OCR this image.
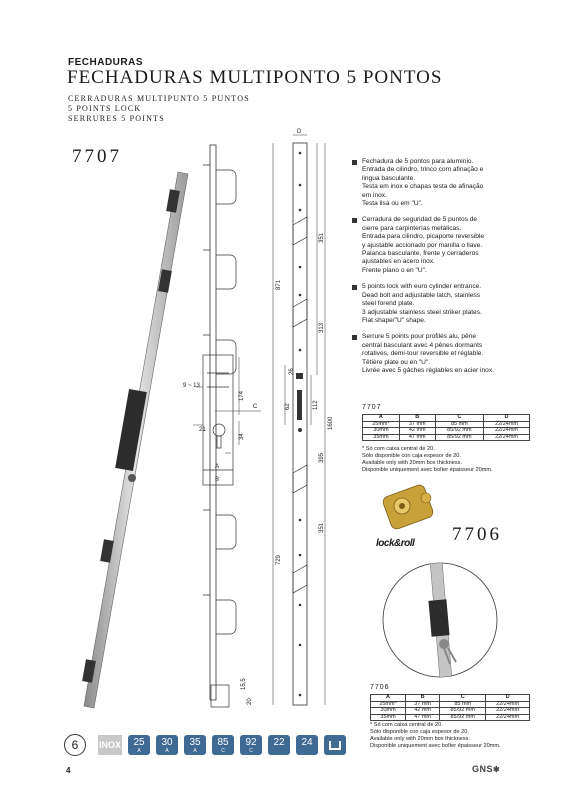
FECHADURAS
FECHADURAS MULTIPONTO 5 PONTOS
CERRADURAS MULTIPUNTO 5 PUNTOS
5 POINTS LOCK
SERRURES 5 POINTS
7707
9 ~ 13
21
174
34
C
A
B
D
871
351
313
1600
26
62	112
395
351
729
15,5
20
Fechadura de 5 pontos para alumínio.
Entrada de cilindro, trinco com afinação e
lingua basculante.
Testa em inox e chapas testa de afinação
em inox.
Testa lisa ou em "U".
Cerradura de seguridad de 5 puntos de
cierre para carpinterías metálicas.
Entrada para cilindro, picaporte reversible
y ajustable accionado por manilla o llave.
Palanca basculante, frente y cerraderos
ajustables en acero inox.
Frente plano o en "U".
5 points lock with euro cylinder entrance.
Dead bolt and adjustable latch, stainless
steel forend plate.
3 adjustable stainless steel striker plates.
Flat shape/"U" shape.
Serrure 5 points pour profilés alu, pêne
central basculant avec 4 pênes dormants
rotatives, demi-tour reversible et réglable.
Têtière plate ou en "U".
Livrée avec 5 gâches réglables en acier inox.
7707
A	B	C	D
25mm*	37 mm	85 mm	22/24mm
30mm	42 mm	85/92 mm	22/24mm
35mm	47 mm	85/92 mm	22/24mm
* Só com caixa central de 20.
Sólo disponible con caja espesor de 20.
Available only with 20mm box thickness.
Disponible uniquement avec boîter épaisseur 20mm.
lock&roll 7706
7706
A	B	C	D
25mm*	37 mm	85 mm	22/24mm
30mm	42 mm	85/92 mm	22/24mm
35mm	47 mm	85/92 mm	22/24mm
* Só com caixa central de 20.
Sólo disponible con caja espesor de 20.
Available only with 20mm box thickness.
Disponible uniquement avec boîter épaisseur 20mm.
6	INOX	25
A
30
A
35
A
85
C
92
C
22	24
4	GNS✱
